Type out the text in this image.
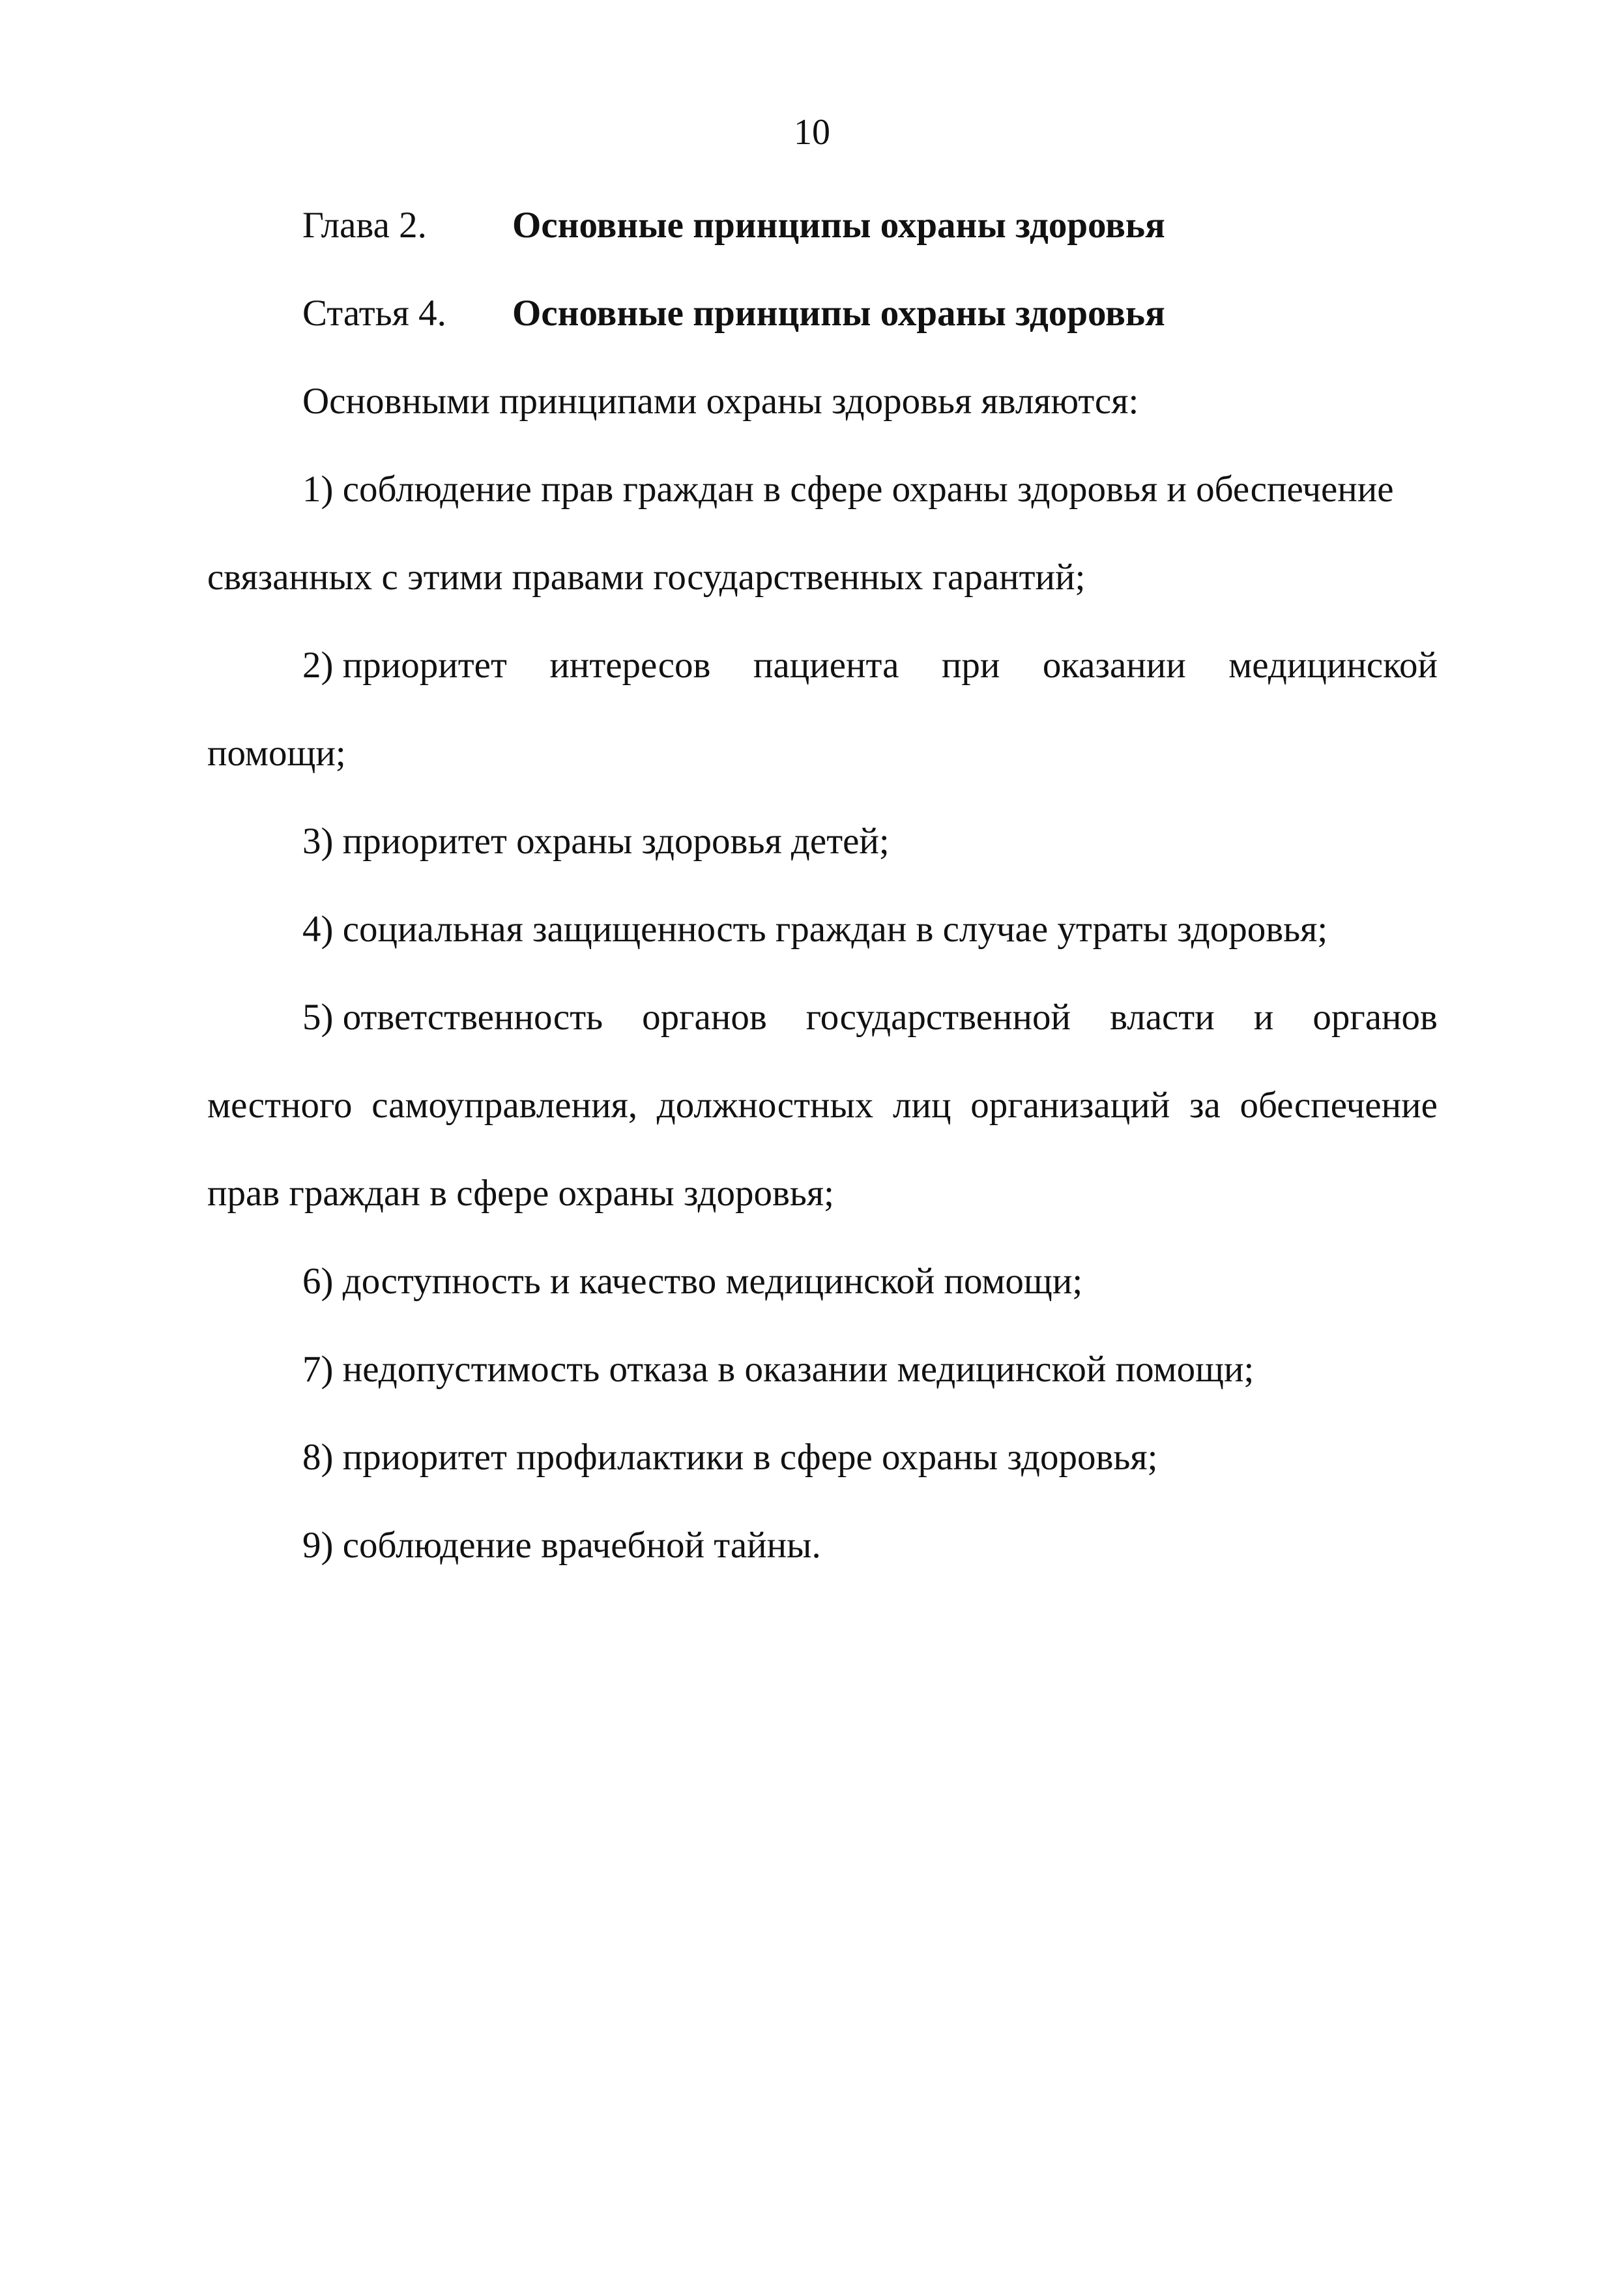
10
Глава 2. Основные принципы охраны здоровья
Статья 4. Основные принципы охраны здоровья
Основными принципами охраны здоровья являются:
1) соблюдение прав граждан в сфере охраны здоровья и обеспечение
связанных с этими правами государственных гарантий;
2) приоритет интересов пациента при оказании медицинской
помощи;
3) приоритет охраны здоровья детей;
4) социальная защищенность граждан в случае утраты здоровья;
5) ответственность органов государственной власти и органов
местного самоуправления, должностных лиц организаций за обеспечение
прав граждан в сфере охраны здоровья;
6) доступность и качество медицинской помощи;
7) недопустимость отказа в оказании медицинской помощи;
8) приоритет профилактики в сфере охраны здоровья;
9) соблюдение врачебной тайны.
